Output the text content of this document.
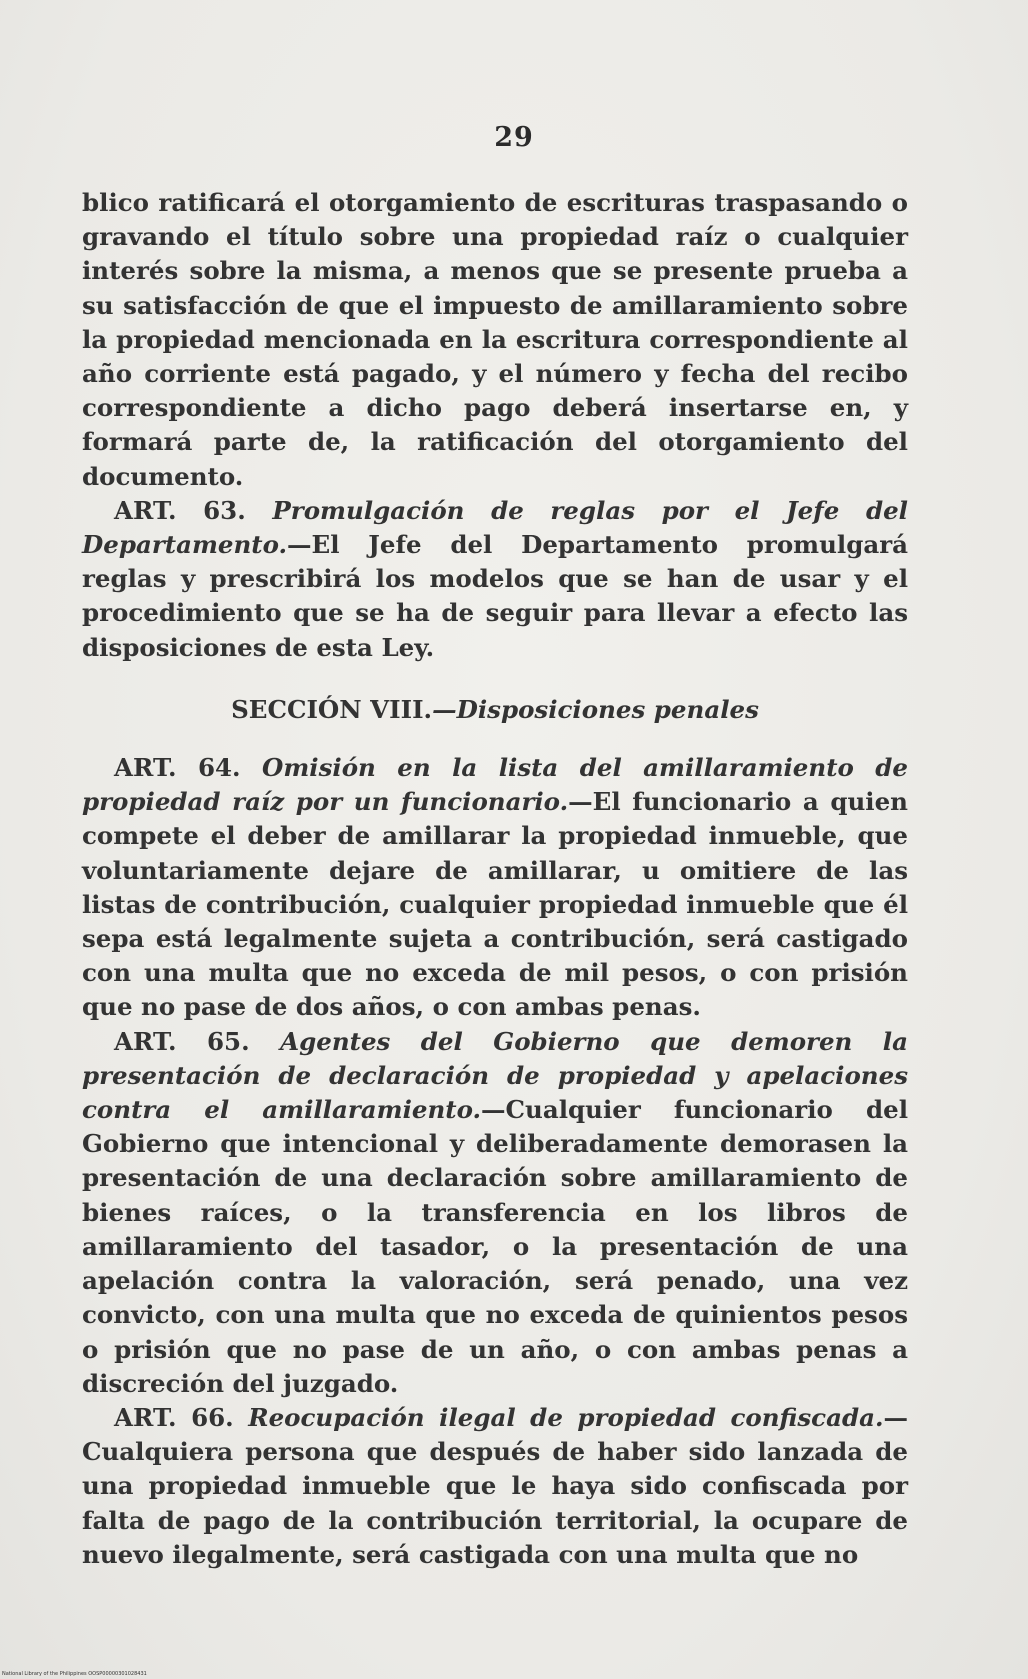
29

blico ratificará el otorgamiento de escrituras traspasando o gravando el título sobre una propiedad raíz o cualquier interés sobre la misma, a menos que se presente prueba a su satisfacción de que el impuesto de amillaramiento sobre la propiedad mencionada en la escritura correspondiente al año corriente está pagado, y el número y fecha del recibo correspondiente a dicho pago deberá insertarse en, y formará parte de, la ratificación del otorgamiento del documento.

ART. 63. Promulgación de reglas por el Jefe del Departamento.—El Jefe del Departamento promulgará reglas y prescribirá los modelos que se han de usar y el procedimiento que se ha de seguir para llevar a efecto las disposiciones de esta Ley.

SECCIÓN VIII.—Disposiciones penales

ART. 64. Omisión en la lista del amillaramiento de propiedad raíz por un funcionario.—El funcionario a quien compete el deber de amillarar la propiedad inmueble, que voluntariamente dejare de amillarar, u omitiere de las listas de contribución, cualquier propiedad inmueble que él sepa está legalmente sujeta a contribución, será castigado con una multa que no exceda de mil pesos, o con prisión que no pase de dos años, o con ambas penas.

ART. 65. Agentes del Gobierno que demoren la presentación de declaración de propiedad y apelaciones contra el amillaramiento.—Cualquier funcionario del Gobierno que intencional y deliberadamente demorasen la presentación de una declaración sobre amillaramiento de bienes raíces, o la transferencia en los libros de amillaramiento del tasador, o la presentación de una apelación contra la valoración, será penado, una vez convicto, con una multa que no exceda de quinientos pesos o prisión que no pase de un año, o con ambas penas a discreción del juzgado.

ART. 66. Reocupación ilegal de propiedad confiscada.—Cualquiera persona que después de haber sido lanzada de una propiedad inmueble que le haya sido confiscada por falta de pago de la contribución territorial, la ocupare de nuevo ilegalmente, será castigada con una multa que no

National Library of the Philippines OOSP00000301028431
